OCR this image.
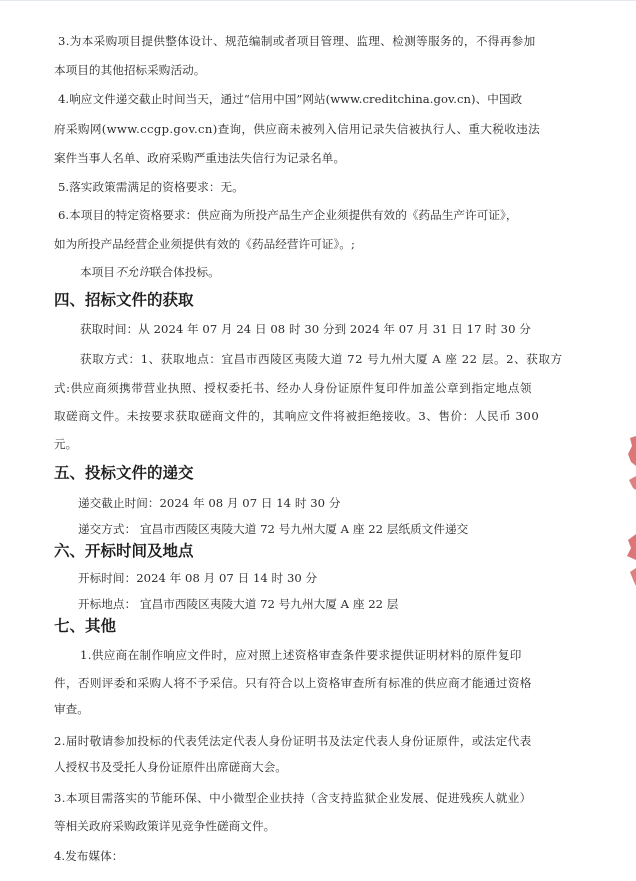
3.为本采购项目提供整体设计、规范编制或者项目管理、监理、检测等服务的，不得再参加

本项目的其他招标采购活动。

4.响应文件递交截止时间当天，通过“信用中国”网站(www.creditchina.gov.cn)、中国政

府采购网(www.ccgp.gov.cn)查询，供应商未被列入信用记录失信被执行人、重大税收违法

案件当事人名单、政府采购严重违法失信行为记录名单。

5.落实政策需满足的资格要求：无。

6.本项目的特定资格要求：供应商为所投产品生产企业须提供有效的《药品生产许可证》，

如为所投产品经营企业须提供有效的《药品经营许可证》。;

本项目不允许联合体投标。

四、招标文件的获取

获取时间：从 2024 年 07 月 24 日 08 时 30 分到 2024 年 07 月 31 日 17 时 30 分

获取方式：1、获取地点：宜昌市西陵区夷陵大道 72 号九州大厦 A 座 22 层。2、获取方

式:供应商须携带营业执照、授权委托书、经办人身份证原件复印件加盖公章到指定地点领

取磋商文件。未按要求获取磋商文件的，其响应文件将被拒绝接收。3、售价：人民币 300

元。

五、投标文件的递交

递交截止时间：2024 年 08 月 07 日 14 时 30 分

递交方式： 宜昌市西陵区夷陵大道 72 号九州大厦 A 座 22 层纸质文件递交

六、开标时间及地点

开标时间：2024 年 08 月 07 日 14 时 30 分

开标地点： 宜昌市西陵区夷陵大道 72 号九州大厦 A 座 22 层

七、其他

1.供应商在制作响应文件时，应对照上述资格审查条件要求提供证明材料的原件复印

件，否则评委和采购人将不予采信。只有符合以上资格审查所有标准的供应商才能通过资格

审查。

2.届时敬请参加投标的代表凭法定代表人身份证明书及法定代表人身份证原件，或法定代表

人授权书及受托人身份证原件出席磋商大会。

3.本项目需落实的节能环保、中小微型企业扶持（含支持监狱企业发展、促进残疾人就业）

等相关政府采购政策详见竞争性磋商文件。

4.发布媒体：
